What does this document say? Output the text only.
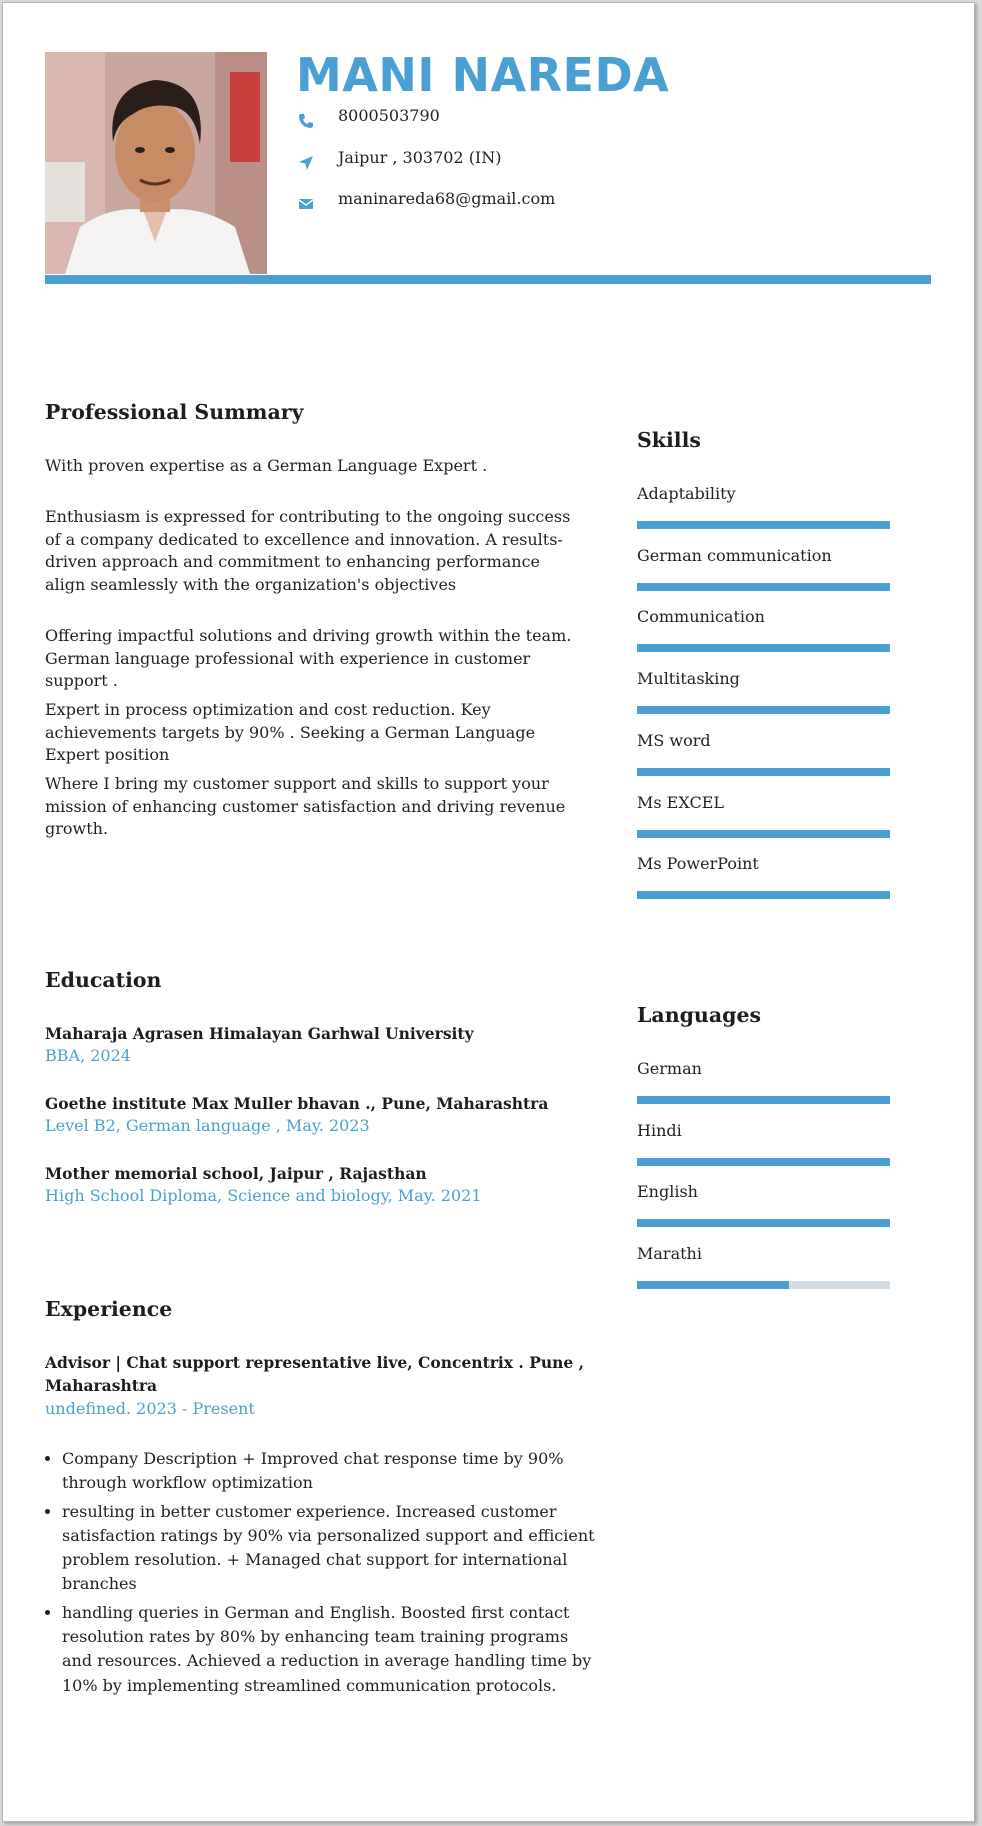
MANI NAREDA
8000503790
Jaipur , 303702 (IN)
maninareda68@gmail.com
Professional Summary
With proven expertise as a German Language Expert .
Enthusiasm is expressed for contributing to the ongoing success of a company dedicated to excellence and innovation. A results-driven approach and commitment to enhancing performance align seamlessly with the organization's objectives
Offering impactful solutions and driving growth within the team. German language professional with experience in customer support .
Expert in process optimization and cost reduction. Key achievements targets by 90% . Seeking a German Language Expert position
Where I bring my customer support and skills to support your mission of enhancing customer satisfaction and driving revenue growth.
Skills
Adaptability
German communication
Communication
Multitasking
MS word
Ms EXCEL
Ms PowerPoint
Education
Maharaja Agrasen Himalayan Garhwal University
BBA, 2024
Goethe institute Max Muller bhavan ., Pune, Maharashtra
Level B2, German language , May. 2023
Mother memorial school, Jaipur , Rajasthan
High School Diploma, Science and biology, May. 2021
Languages
German
Hindi
English
Marathi
Experience
Advisor | Chat support representative live, Concentrix . Pune ,
Maharashtra
undefined. 2023 - Present
• Company Description + Improved chat response time by 90% through workflow optimization
• resulting in better customer experience. Increased customer satisfaction ratings by 90% via personalized support and efficient problem resolution. + Managed chat support for international branches
• handling queries in German and English. Boosted first contact resolution rates by 80% by enhancing team training programs and resources. Achieved a reduction in average handling time by 10% by implementing streamlined communication protocols.
